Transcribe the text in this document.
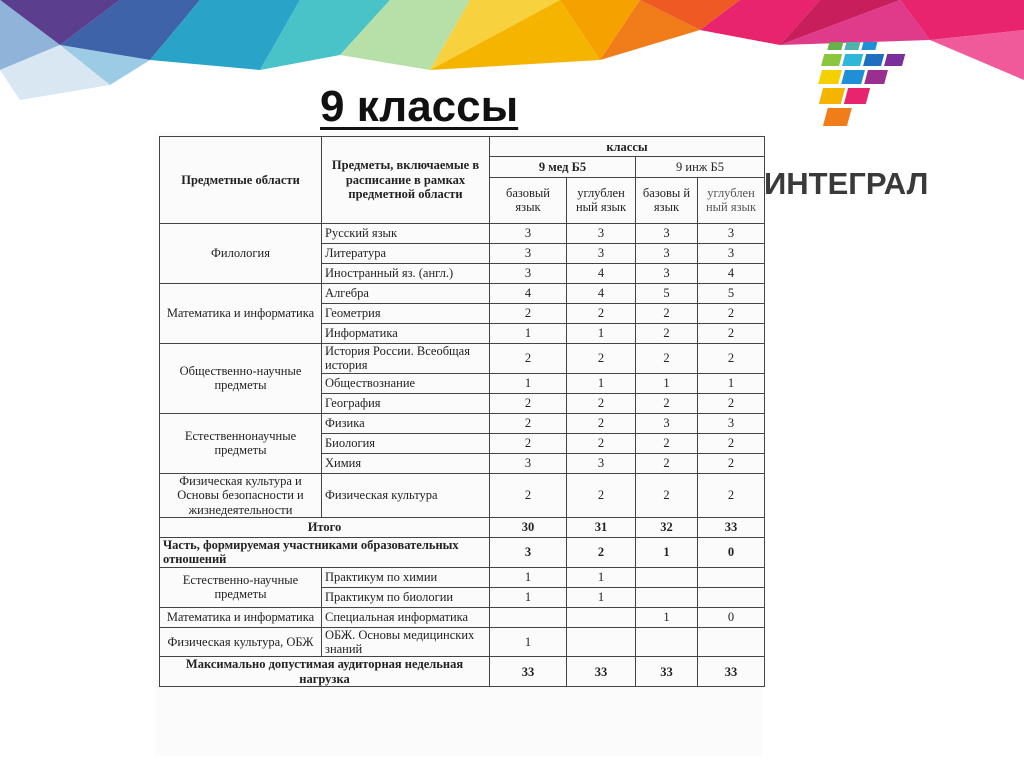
9 классы
ИНТЕГРАЛ
Предметные области	Предметы, включаемые в расписание в рамках предметной области	классы			
		9 мед Б5		9 инж Б5	
		базовый язык	углублен ный язык	базовы й язык	углублен ный язык
Филология	Русский язык	3	3	3	3
	Литература	3	3	3	3
	Иностранный яз. (англ.)	3	4	3	4
Математика и информатика	Алгебра	4	4	5	5
	Геометрия	2	2	2	2
	Информатика	1	1	2	2
Общественно-научные предметы	История России. Всеобщая история	2	2	2	2
	Обществознание	1	1	1	1
	География	2	2	2	2
Естественнонаучные предметы	Физика	2	2	3	3
	Биология	2	2	2	2
	Химия	3	3	2	2
Физическая культура и Основы безопасности и жизнедеятельности	Физическая культура	2	2	2	2
Итого		30	31	32	33
Часть, формируемая участниками образовательных отношений		3	2	1	0
Естественно-научные предметы	Практикум по химии	1	1		
	Практикум по биологии	1	1		
Математика и информатика	Специальная информатика			1	0
Физическая культура, ОБЖ	ОБЖ. Основы медицинских знаний	1			
Максимально допустимая аудиторная недельная нагрузка		33	33	33	33
